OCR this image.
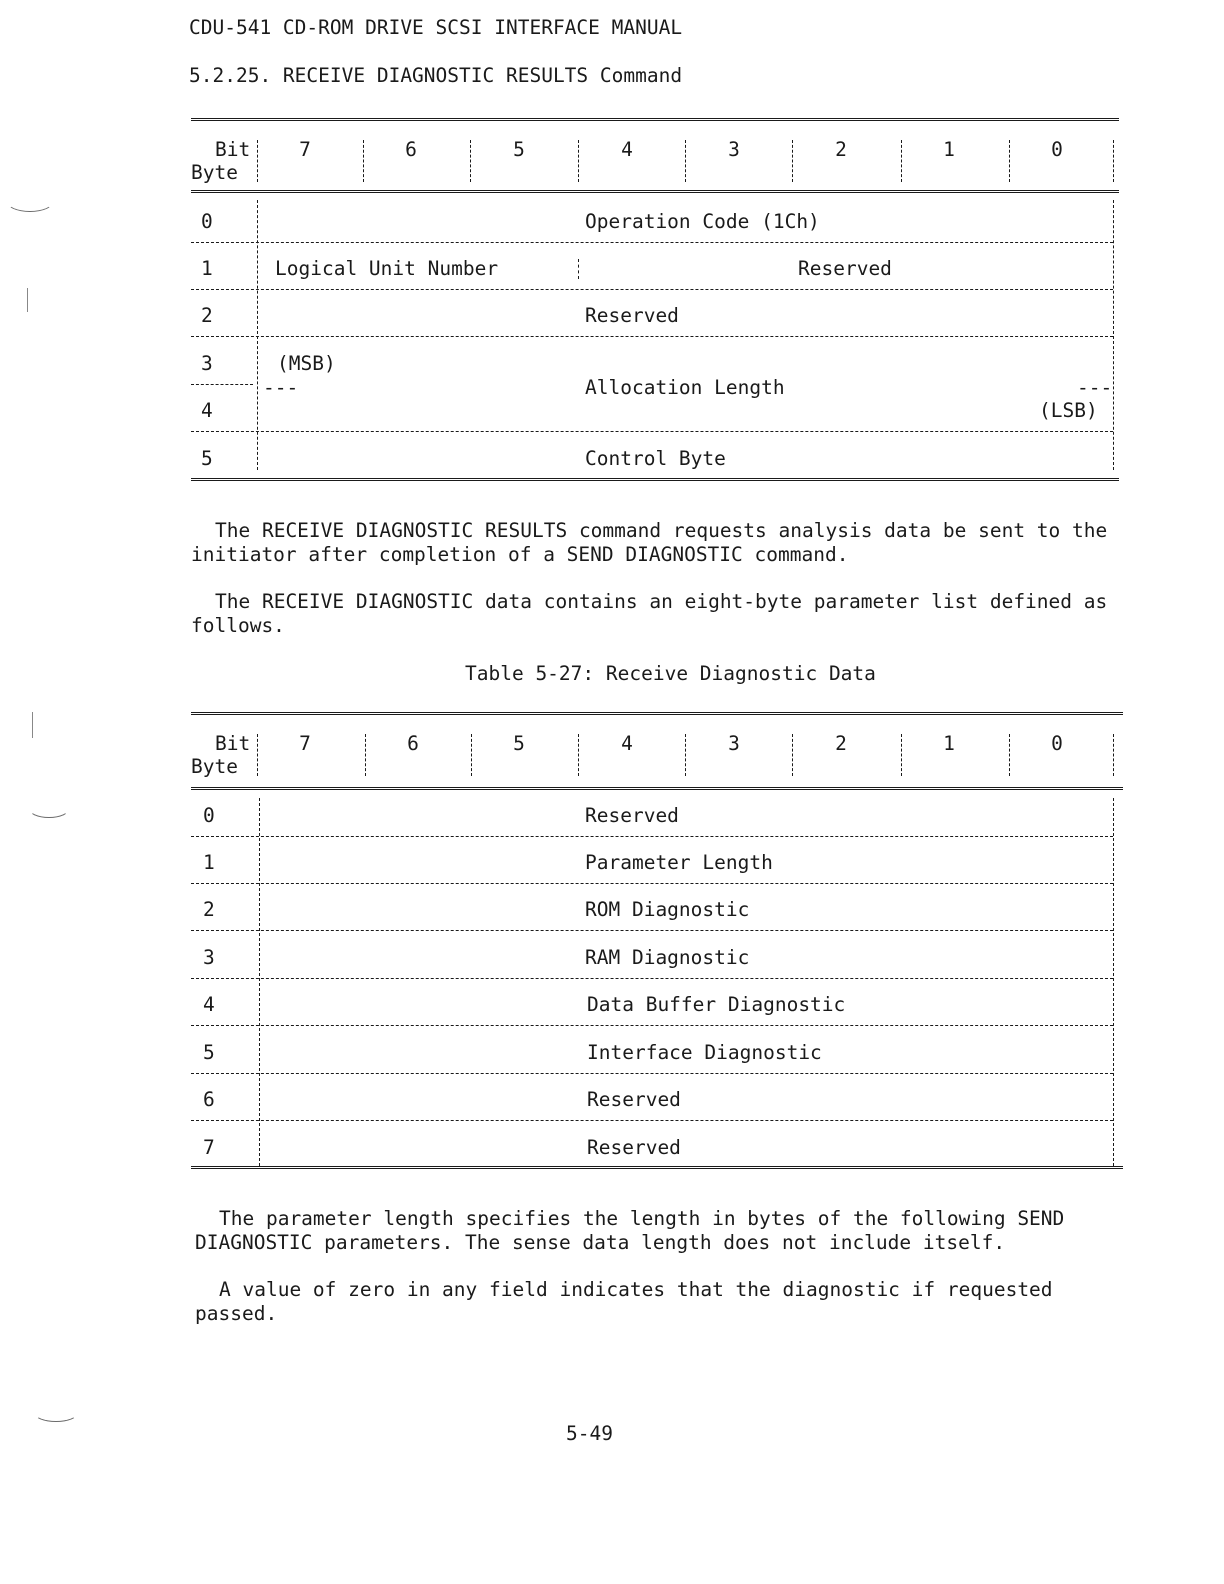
CDU-541 CD-ROM DRIVE SCSI INTERFACE MANUAL
5.2.25. RECEIVE DIAGNOSTIC RESULTS Command
Bit
Byte
7	6	5	4	3	2	1	0
0	Operation Code (1Ch)
1	Logical Unit Number	Reserved
2	Reserved
3	(MSB)
---	Allocation Length	---
4	(LSB)
5	Control Byte
The RECEIVE DIAGNOSTIC RESULTS command requests analysis data be sent to the initiator after completion of a SEND DIAGNOSTIC command.
The RECEIVE DIAGNOSTIC data contains an eight-byte parameter list defined as follows.
Table 5-27: Receive Diagnostic Data
Bit
Byte
7	6	5	4	3	2	1	0
0	Reserved
1	Parameter Length
2	ROM Diagnostic
3	RAM Diagnostic
4	Data Buffer Diagnostic
5	Interface Diagnostic
6	Reserved
7	Reserved
The parameter length specifies the length in bytes of the following SEND DIAGNOSTIC parameters. The sense data length does not include itself.
A value of zero in any field indicates that the diagnostic if requested passed.
5-49
